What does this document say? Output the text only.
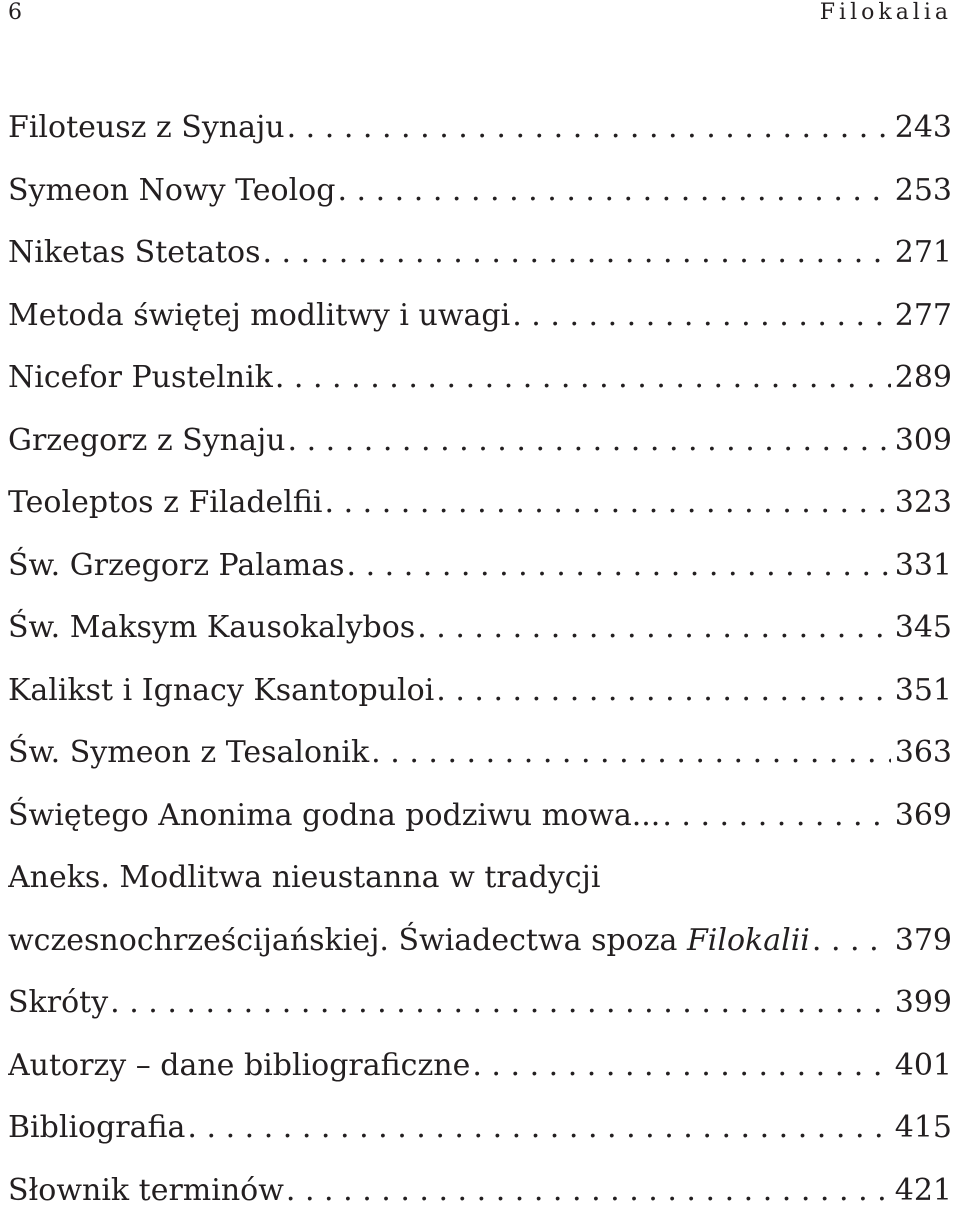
6	Filokalia
Filoteusz z Synaju . . .	243
Symeon Nowy Teolog . . .	253
Niketas Stetatos . . .	271
Metoda świętej modlitwy i uwagi . . .	277
Nicefor Pustelnik . . .	289
Grzegorz z Synaju . . .	309
Teoleptos z Filadelfii . . .	323
Św. Grzegorz Palamas . . .	331
Św. Maksym Kausokalybos . . .	345
Kalikst i Ignacy Ksantopuloi . . .	351
Św. Symeon z Tesalonik . . .	363
Świętego Anonima godna podziwu mowa... . . .	369
Aneks. Modlitwa nieustanna w tradycji
wczesnochrześcijańskiej. Świadectwa spoza Filokalii . . .	379
Skróty . . .	399
Autorzy – dane bibliograficzne . . .	401
Bibliografia . . .	415
Słownik terminów . . .	421
